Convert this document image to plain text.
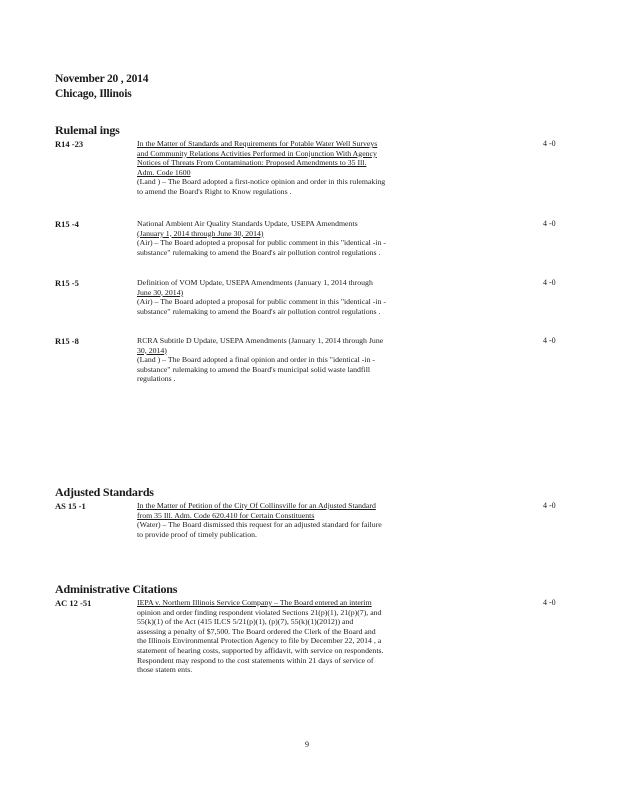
November 20 , 2014
Chicago, Illinois
Rulemal ings
R14 -23	In the Matter of Standards and Requirements for Potable Water Well Surveys
and Community Relations Activities Performed in Conjunction With Agency
Notices of Threats From Contamination: Proposed Amendments to 35 Ill.
Adm. Code 1600
(Land ) – The Board adopted a first-notice opinion and order in this rulemaking
to amend the Board's Right to Know regulations .
4 -0
R15 -4	National Ambient Air Quality Standards Update, USEPA Amendments
(January 1, 2014 through June 30, 2014)
(Air) – The Board adopted a proposal for public comment in this "identical -in -
substance" rulemaking to amend the Board's air pollution control regulations .
4 -0
R15 -5	Definition of VOM Update, USEPA Amendments (January 1, 2014 through
June 30, 2014)
(Air) – The Board adopted a proposal for public comment in this "identical -in -
substance" rulemaking to amend the Board's air pollution control regulations .
4 -0
R15 -8	RCRA Subtitle D Update, USEPA Amendments (January 1, 2014 through June
30, 2014)
(Land ) – The Board adopted a final opinion and order in this "identical -in -
substance" rulemaking to amend the Board's municipal solid waste landfill
regulations .
4 -0
Adjusted Standards
AS 15 -1	In the Matter of Petition of the City Of Collinsville for an Adjusted Standard
from 35 Ill. Adm. Code 620.410 for Certain Constituents
(Water) – The Board dismissed this request for an adjusted standard for failure
to provide proof of timely publication.
4 -0
Administrative Citations
AC 12 -51	IEPA v. Northern Illinois Service Company – The Board entered an interim
opinion and order finding respondent violated Sections 21(p)(1), 21(p)(7), and
55(k)(1) of the Act (415 ILCS 5/21(p)(1), (p)(7), 55(k)(1)(2012)) and
assessing a penalty of $7,500. The Board ordered the Clerk of the Board and
the Illinois Environmental Protection Agency to file by December 22, 2014 , a
statement of hearing costs, supported by affidavit, with service on respondents.
Respondent may respond to the cost statements within 21 days of service of
those statem ents.
4 -0
9
